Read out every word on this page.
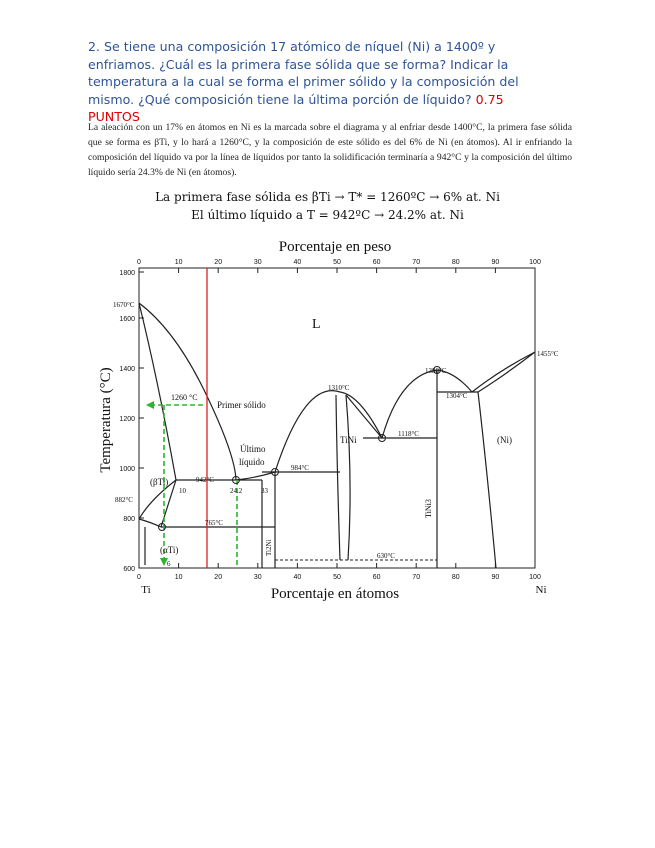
2. Se tiene una composición 17 atómico de níquel (Ni) a 1400º y enfriamos. ¿Cuál es la primera fase sólida que se forma? Indicar la temperatura a la cual se forma el primer sólido y la composición del mismo. ¿Qué composición tiene la última porción de líquido? 0.75 PUNTOS
La aleación con un 17% en átomos en Ni es la marcada sobre el diagrama y al enfriar desde 1400°C, la primera fase sólida que se forma es βTi, y lo hará a 1260°C, y la composición de este sólido es del 6% de Ni (en átomos). Al ir enfriando la composición del líquido va por la línea de líquidos por tanto la solidificación terminaría a 942°C y la composición del último líquido sería 24.3% de Ni (en átomos).
La primera fase sólida es βTi → T* = 1260ºC → 6% at. Ni
El último líquido a T = 942ºC → 24.2% at. Ni
Porcentaje en peso
Porcentaje en átomos
Temperatura (°C)
Ti	Ni
0	10	20	30	40	50	60	70	80	90	100
0	10	20	30	40	50	60	70	80	90	100
1800
1600
1400
1200
1000
800
600
L
1670°C
1455°C
882°C
1310°C
1380°C
1304°C
1118°C
984°C
942°C
765°C
630°C
1260 °C
Primer sólido
Último
líquido
(βTi)
(αTi)
TiNi	(Ni)
TiNi3
Ti2Ni
10	24.2	33
6
